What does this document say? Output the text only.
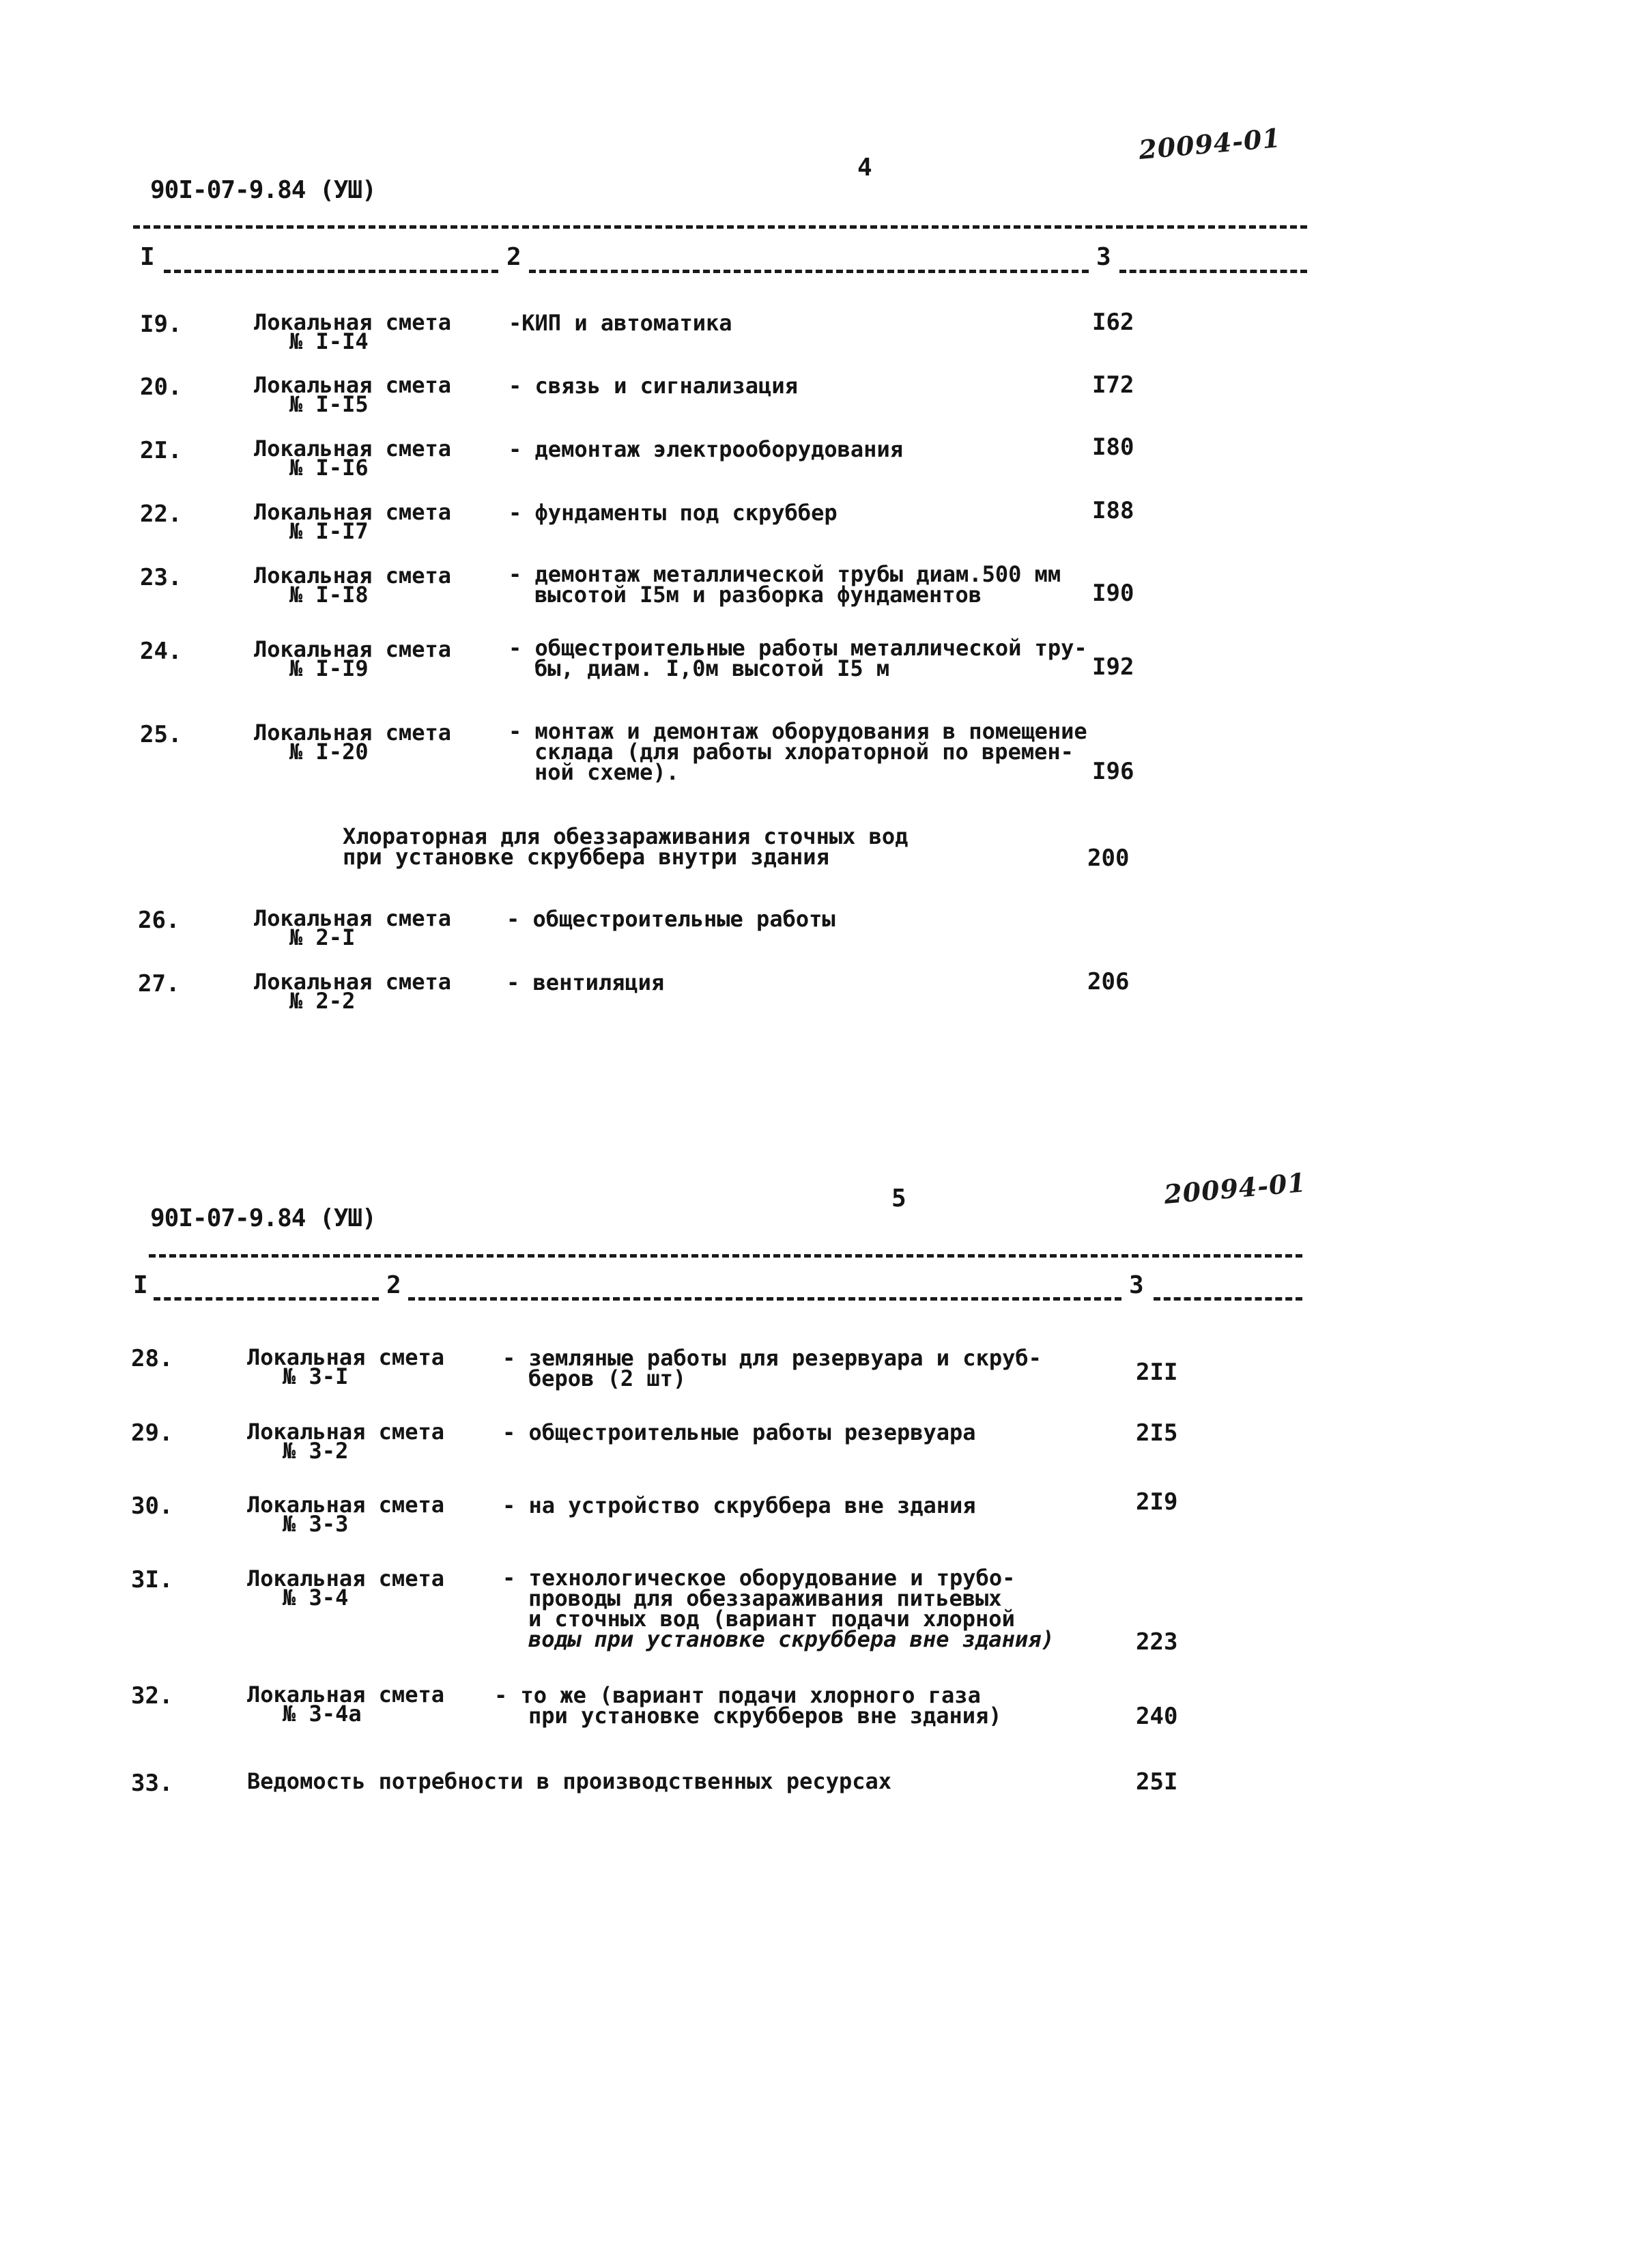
90I-07-9.84 (УШ)
4
20094-01
I	2	3
I9.	Локальная смета
№ I-I4
-КИП и автоматика	I62
20.	Локальная смета
№ I-I5
- связь и сигнализация	I72
2I.	Локальная смета
№ I-I6
- демонтаж электрооборудования	I80
22.	Локальная смета
№ I-I7
- фундаменты под скруббер	I88
23.	Локальная смета
№ I-I8
- демонтаж металлической трубы диам.500 мм
высотой I5м и разборка фундаментов	I90
24.	Локальная смета
№ I-I9
- общестроительные работы металлической тру-
бы, диам. I,0м высотой I5 м	I92
25.	Локальная смета
№ I-20
- монтаж и демонтаж оборудования в помещение
склада (для работы хлораторной по времен-
ной схеме).	I96
Хлораторная для обеззараживания сточных вод
при установке скруббера внутри здания	200
26.	Локальная смета
№ 2-I
- общестроительные работы
27.	Локальная смета
№ 2-2
- вентиляция	206
90I-07-9.84 (УШ)
5	20094-01
I	2	3
28.	Локальная смета
№ 3-I
- земляные работы для резервуара и скруб-
беров (2 шт)	2II
29.	Локальная смета
№ 3-2
- общестроительные работы резервуара	2I5
30.	Локальная смета
№ 3-3
- на устройство скруббера вне здания	2I9
3I.	Локальная смета
№ 3-4
- технологическое оборудование и трубо-
проводы для обеззараживания питьевых
и сточных вод (вариант подачи хлорной
воды при установке скруббера вне здания)	223
32.	Локальная смета
№ 3-4а
- то же (вариант подачи хлорного газа
при установке скрубберов вне здания)	240
33.	Ведомость потребности в производственных ресурсах	25I
